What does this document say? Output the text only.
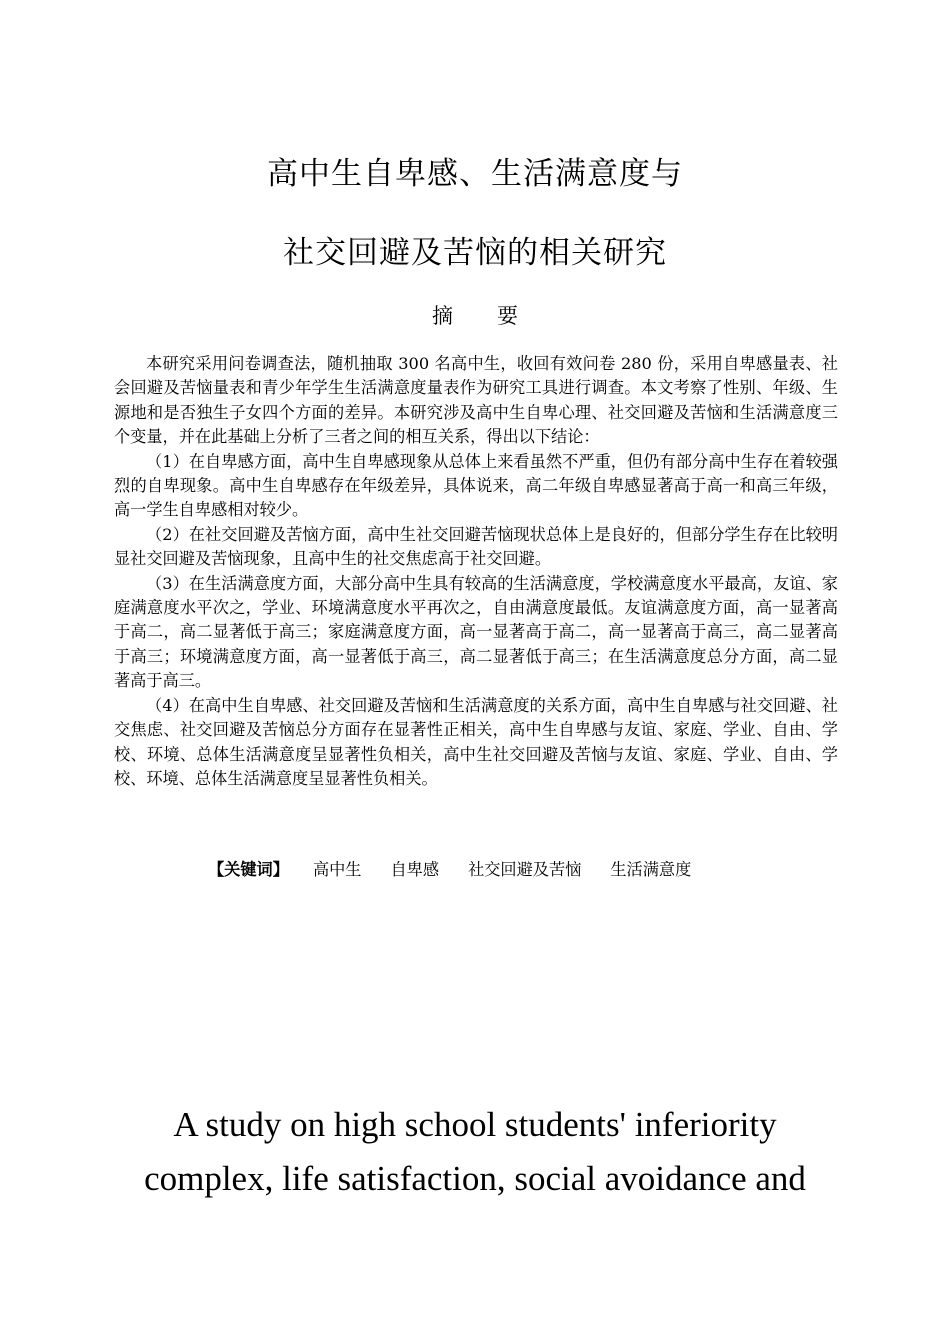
高中生自卑感、生活满意度与
社交回避及苦恼的相关研究
摘 要

本研究采用问卷调查法，随机抽取 300 名高中生，收回有效问卷 280 份，采用自卑感量表、社会回避及苦恼量表和青少年学生生活满意度量表作为研究工具进行调查。本文考察了性别、年级、生源地和是否独生子女四个方面的差异。本研究涉及高中生自卑心理、社交回避及苦恼和生活满意度三个变量，并在此基础上分析了三者之间的相互关系，得出以下结论：

（1）在自卑感方面，高中生自卑感现象从总体上来看虽然不严重，但仍有部分高中生存在着较强烈的自卑现象。高中生自卑感存在年级差异，具体说来，高二年级自卑感显著高于高一和高三年级，高一学生自卑感相对较少。

（2）在社交回避及苦恼方面，高中生社交回避苦恼现状总体上是良好的，但部分学生存在比较明显社交回避及苦恼现象，且高中生的社交焦虑高于社交回避。

（3）在生活满意度方面，大部分高中生具有较高的生活满意度，学校满意度水平最高，友谊、家庭满意度水平次之，学业、环境满意度水平再次之，自由满意度最低。友谊满意度方面，高一显著高于高二，高二显著低于高三；家庭满意度方面，高一显著高于高二，高一显著高于高三，高二显著高于高三；环境满意度方面，高一显著低于高三，高二显著低于高三；在生活满意度总分方面，高二显著高于高三。

（4）在高中生自卑感、社交回避及苦恼和生活满意度的关系方面，高中生自卑感与社交回避、社交焦虑、社交回避及苦恼总分方面存在显著性正相关，高中生自卑感与友谊、家庭、学业、自由、学校、环境、总体生活满意度呈显著性负相关，高中生社交回避及苦恼与友谊、家庭、学业、自由、学校、环境、总体生活满意度呈显著性负相关。

【关键词】 高中生 自卑感 社交回避及苦恼 生活满意度
A study on high school students' inferiority
complex, life satisfaction, social avoidance and
